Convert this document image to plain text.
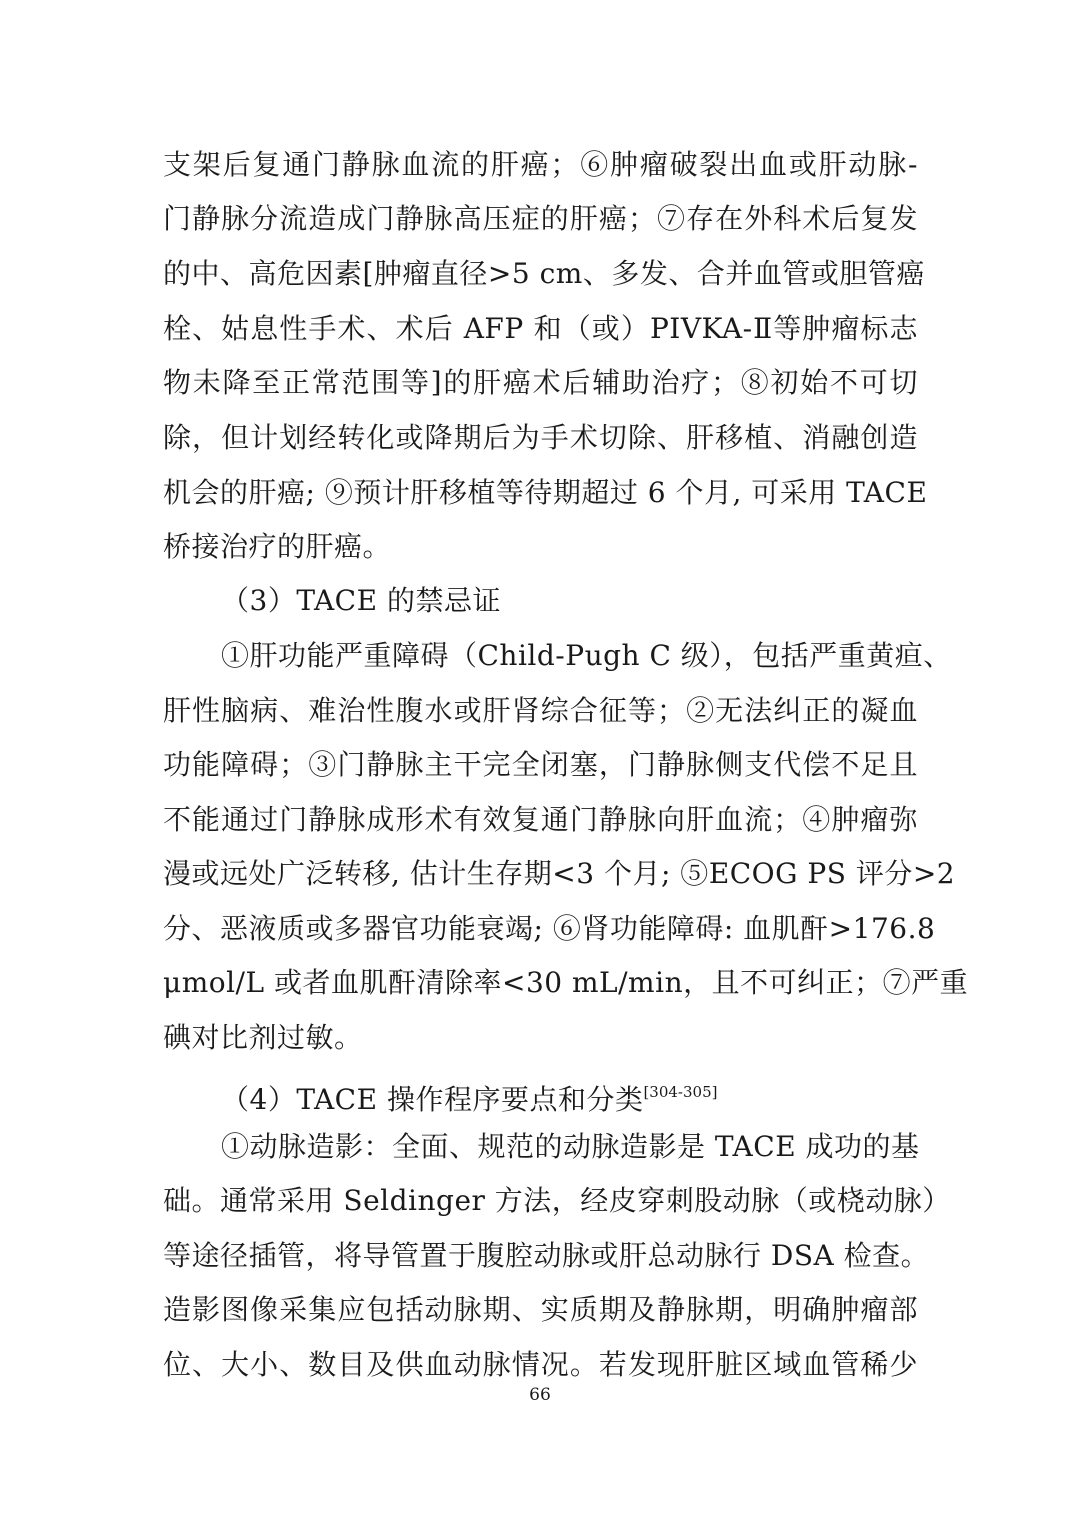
支架后复通门静脉血流的肝癌；⑥肿瘤破裂出血或肝动脉-
门静脉分流造成门静脉高压症的肝癌；⑦存在外科术后复发
的中、高危因素[肿瘤直径>5 cm、多发、合并血管或胆管癌
栓、姑息性手术、术后 AFP 和（或）PIVKA-Ⅱ等肿瘤标志
物未降至正常范围等]的肝癌术后辅助治疗；⑧初始不可切
除，但计划经转化或降期后为手术切除、肝移植、消融创造
机会的肝癌; ⑨预计肝移植等待期超过 6 个月, 可采用 TACE
桥接治疗的肝癌。
（3）TACE 的禁忌证
①肝功能严重障碍（Child-Pugh C 级），包括严重黄疸、
肝性脑病、难治性腹水或肝肾综合征等；②无法纠正的凝血
功能障碍；③门静脉主干完全闭塞，门静脉侧支代偿不足且
不能通过门静脉成形术有效复通门静脉向肝血流；④肿瘤弥
漫或远处广泛转移, 估计生存期<3 个月; ⑤ECOG PS 评分>2
分、恶液质或多器官功能衰竭; ⑥肾功能障碍: 血肌酐>176.8
μmol/L 或者血肌酐清除率<30 mL/min，且不可纠正；⑦严重
碘对比剂过敏。
（4）TACE 操作程序要点和分类[304-305]
①动脉造影：全面、规范的动脉造影是 TACE 成功的基
础。通常采用 Seldinger 方法，经皮穿刺股动脉（或桡动脉）
等途径插管，将导管置于腹腔动脉或肝总动脉行 DSA 检查。
造影图像采集应包括动脉期、实质期及静脉期，明确肿瘤部
位、大小、数目及供血动脉情况。若发现肝脏区域血管稀少
66
